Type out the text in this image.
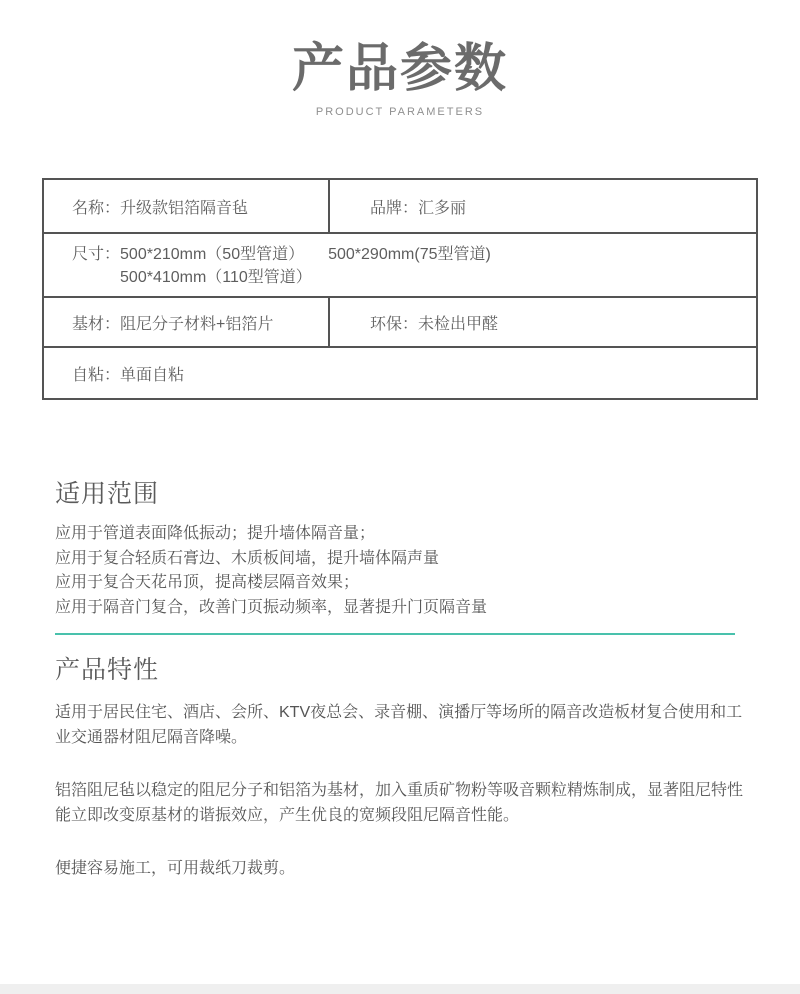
产品参数
PRODUCT PARAMETERS
名称： 升级款铝箔隔音毡	品牌： 汇多丽
尺寸： 500*210mm（50型管道） 500*290mm(75型管道)
500*410mm（110型管道）
基材： 阻尼分子材料+铝箔片	环保： 未检出甲醛
自粘： 单面自粘
适用范围
应用于管道表面降低振动；提升墙体隔音量；
应用于复合轻质石膏边、木质板间墙，提升墙体隔声量
应用于复合天花吊顶，提高楼层隔音效果；
应用于隔音门复合，改善门页振动频率，显著提升门页隔音量
产品特性

适用于居民住宅、酒店、会所、KTV夜总会、录音棚、演播厅等场所的隔音改造板材复合使用和工业交通器材阻尼隔音降噪。

铝箔阻尼毡以稳定的阻尼分子和铝箔为基材，加入重质矿物粉等吸音颗粒精炼制成，显著阻尼特性能立即改变原基材的谐振效应，产生优良的宽频段阻尼隔音性能。

便捷容易施工，可用裁纸刀裁剪。
